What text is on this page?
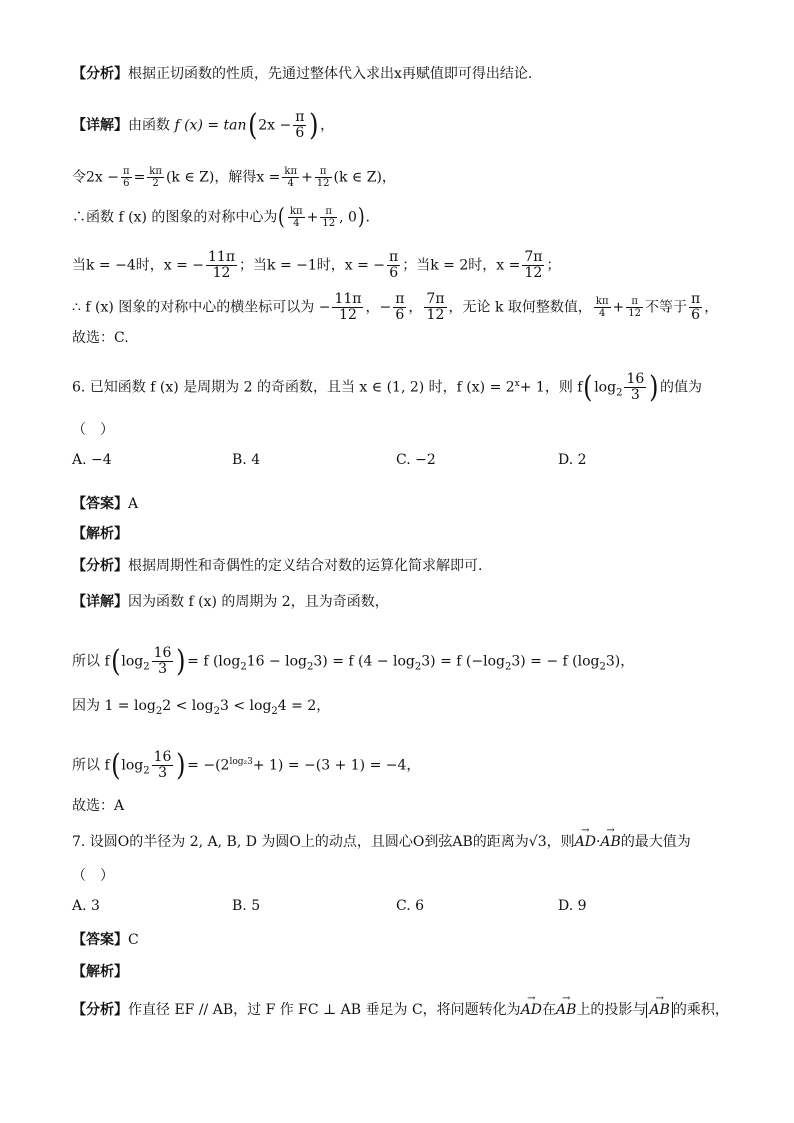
【分析】根据正切函数的性质，先通过整体代入求出x再赋值即可得出结论.
【详解】由函数 f $(x) = \tan(2x - \frac{\pi}{6}$ )，
令$2x - \frac{\pi}{6} = \frac{k\pi}{2} (k$ ∈ Z)，解得$x = \frac{k\pi}{4} + \frac{\pi}{12} (k$ ∈ Z)，
∴函数 f (x) 的图象的对称中心为( $\frac{k\pi}{4} + \frac{\pi}{12}$ , 0).
当k = −4时，x = − $\frac{11\pi}{12}$ ；当k = −1时，x = − $\frac{\pi}{6}$ ；当k = 2时，$x = \frac{7\pi}{12}$ ；
∴ f (x) 图象的对称中心的横坐标可以为 − $\frac{11\pi}{12}$ ，− $\frac{\pi}{6}$ ， $\frac{7\pi}{12}$ ，无论 k 取何整数值， $\frac{k\pi}{4} + \frac{\pi}{12}$ 不等于 $\frac{\pi}{6}$ ，
故选：C.
6. 已知函数 f (x) 是周期为 2 的奇函数，且当 x ∈ (1, 2) 时，f $(x) = 2^x+ 1$，则 $f(\log_2 \frac{16}{3}$ )的值为
（　）
A. −4	B. 4	C. −2	D. 2
【答案】A
【解析】
【分析】根据周期性和奇偶性的定义结合对数的运算化简求解即可.
【详解】因为函数 f (x) 的周期为 2，且为奇函数，
所以 $f(\log_2 \frac{16}{3}$ )= f $(\log_216 - \log_23) = f$ $(4 - \log_23) = f$ $(-\log_23)$ = − f $(\log_23)$，
因为 $1 = \log_22 < \log_23 < \log_24 = 2$，
所以 $f(\log_2 \frac{16}{3}$ )= $-(2^{log_23}+ 1) = -(3 + 1) = -4$，
故选：A
7. 设圆O的半径为 2, A, B, D 为圆O上的动点，且圆心O到弦AB的距离为√3，则→ AD·→ AB的最大值为
（　）
A. 3	B. 5	C. 6	D. 9
【答案】C
【解析】
【分析】作直径 EF // AB，过 F 作 FC ⊥ AB 垂足为 C，将问题转化为→ AD在→ AB上的投影与→ AB 的乘积，
